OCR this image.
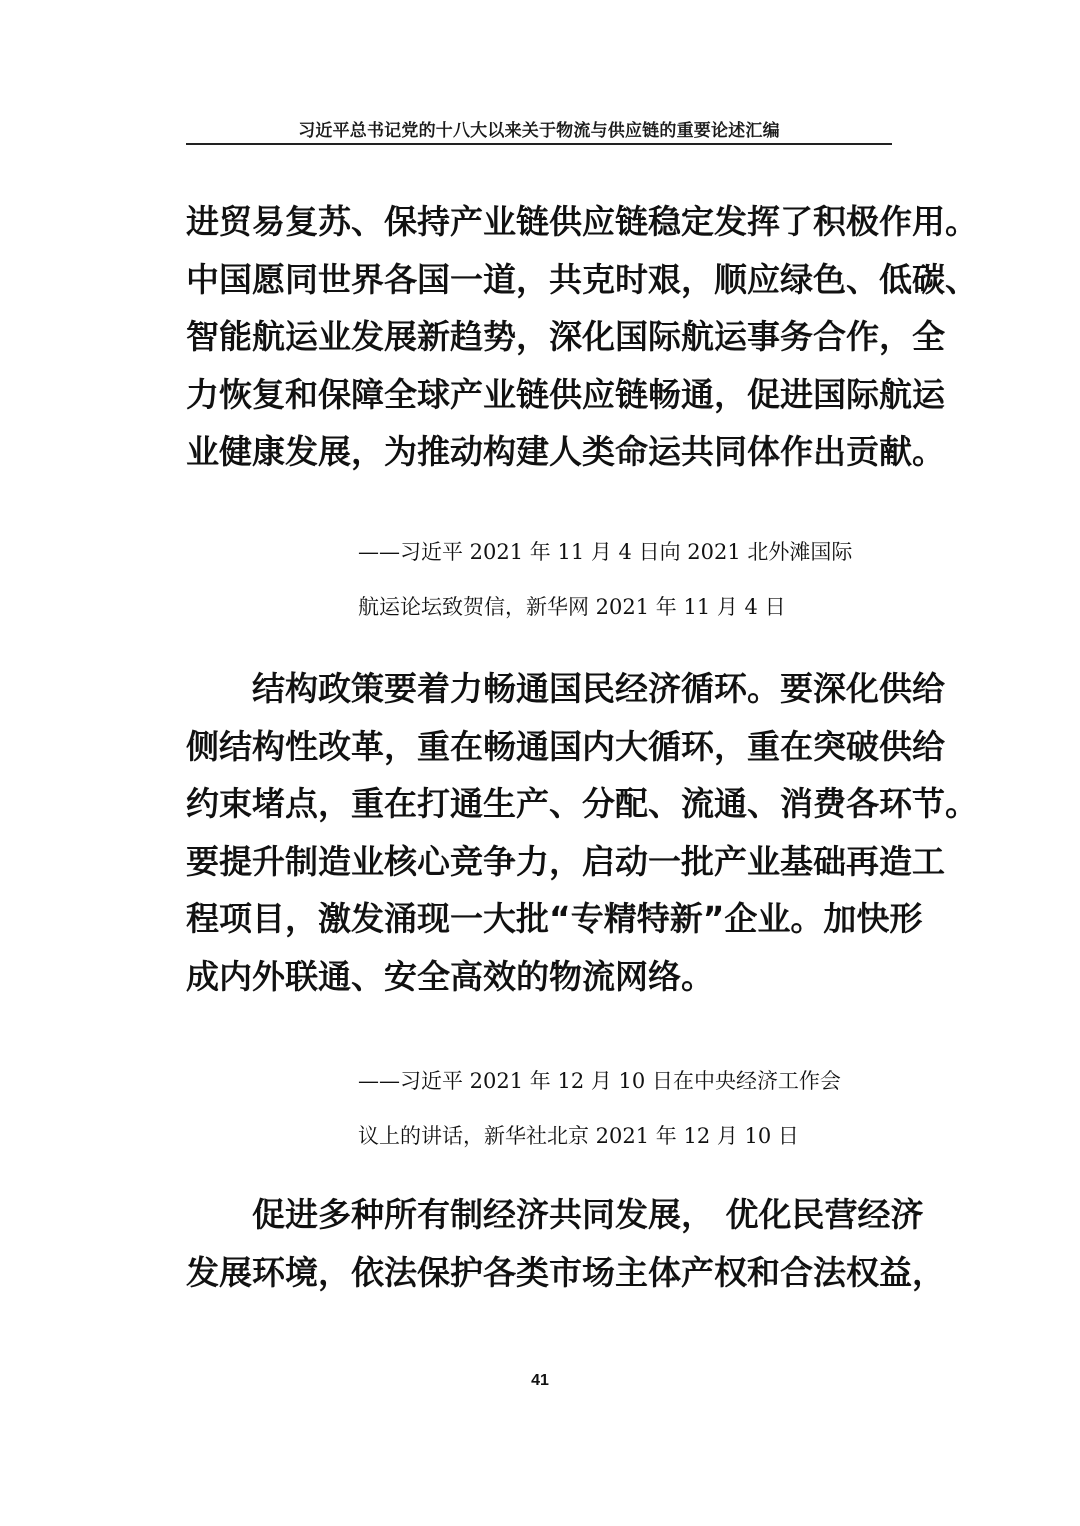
习近平总书记党的十八大以来关于物流与供应链的重要论述汇编
进贸易复苏、保持产业链供应链稳定发挥了积极作用。
中国愿同世界各国一道，共克时艰，顺应绿色、低碳、
智能航运业发展新趋势，深化国际航运事务合作，全
力恢复和保障全球产业链供应链畅通，促进国际航运
业健康发展，为推动构建人类命运共同体作出贡献。
——习近平 2021 年 11 月 4 日向 2021 北外滩国际
航运论坛致贺信，新华网 2021 年 11 月 4 日
结构政策要着力畅通国民经济循环。要深化供给
侧结构性改革，重在畅通国内大循环，重在突破供给
约束堵点，重在打通生产、分配、流通、消费各环节。
要提升制造业核心竞争力，启动一批产业基础再造工
程项目，激发涌现一大批“专精特新”企业。加快形
成内外联通、安全高效的物流网络。
——习近平 2021 年 12 月 10 日在中央经济工作会
议上的讲话，新华社北京 2021 年 12 月 10 日
促进多种所有制经济共同发展， 优化民营经济
发展环境，依法保护各类市场主体产权和合法权益，
41
